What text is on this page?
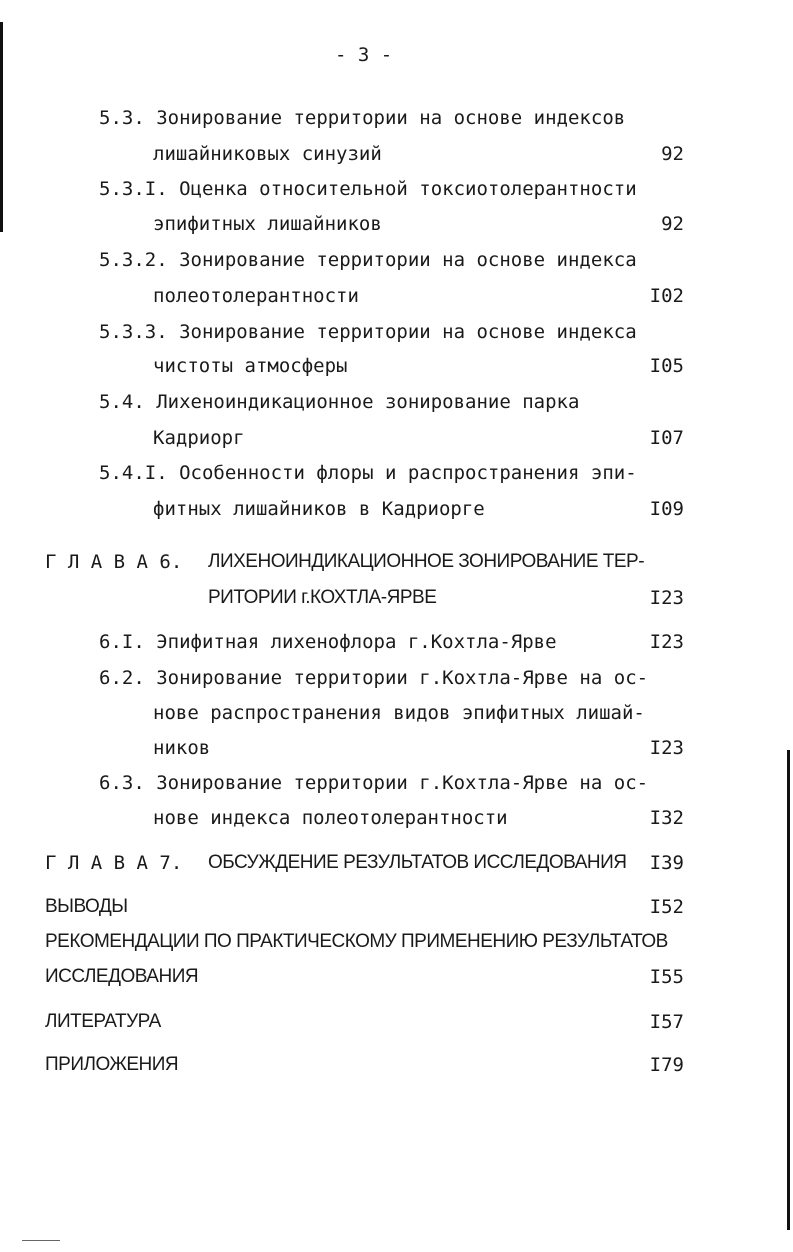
- 3 -
5.3. Зонирование территории на основе индексов
лишайниковых синузий	92
5.3.I. Оценка относительной токсиотолерантности
эпифитных лишайников	92
5.3.2. Зонирование территории на основе индекса
полеотолерантности	I02
5.3.3. Зонирование территории на основе индекса
чистоты атмосферы	I05
5.4. Лихеноиндикационное зонирование парка
Кадриорг	I07
5.4.I. Особенности флоры и распространения эпи-
фитных лишайников в Кадриорге	I09
Г Л А В А 6. ЛИХЕНОИНДИКАЦИОННОЕ ЗОНИРОВАНИЕ ТЕР-
РИТОРИИ г.КОХТЛА-ЯРВЕ	I23
6.I. Эпифитная лихенофлора г.Кохтла-Ярве	I23
6.2. Зонирование территории г.Кохтла-Ярве на ос-
нове распространения видов эпифитных лишай-
ников	I23
6.3. Зонирование территории г.Кохтла-Ярве на ос-
нове индекса полеотолерантности	I32
Г Л А В А 7. ОБСУЖДЕНИЕ РЕЗУЛЬТАТОВ ИССЛЕДОВАНИЯ	I39
ВЫВОДЫ	I52
РЕКОМЕНДАЦИИ ПО ПРАКТИЧЕСКОМУ ПРИМЕНЕНИЮ РЕЗУЛЬТАТОВ
ИССЛЕДОВАНИЯ	I55
ЛИТЕРАТУРА	I57
ПРИЛОЖЕНИЯ	I79
